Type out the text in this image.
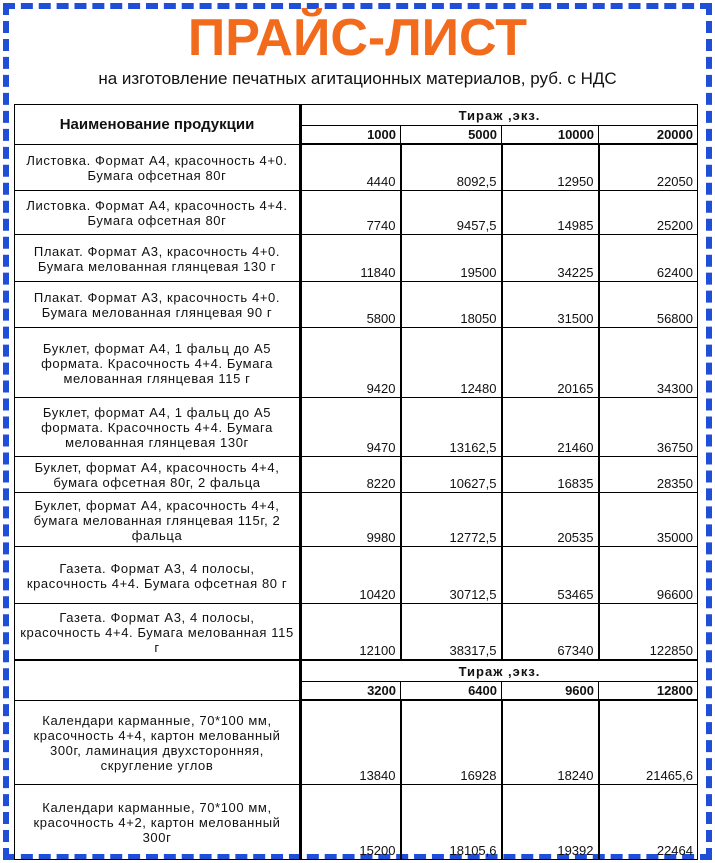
ПРАЙС-ЛИСТ
на изготовление печатных агитационных материалов, руб. с НДС
Наименование продукции	Тираж ,экз.			
	1000	5000	10000	20000
Листовка. Формат А4, красочность 4+0. Бумага офсетная 80г	4440	8092,5	12950	22050
Листовка. Формат А4, красочность 4+4. Бумага офсетная 80г	7740	9457,5	14985	25200
Плакат. Формат А3, красочность 4+0. Бумага мелованная глянцевая 130 г	11840	19500	34225	62400
Плакат. Формат А3, красочность 4+0. Бумага мелованная глянцевая 90 г	5800	18050	31500	56800
Буклет, формат А4, 1 фальц до А5 формата. Красочность 4+4. Бумага мелованная глянцевая 115 г	9420	12480	20165	34300
Буклет, формат А4, 1 фальц до А5 формата. Красочность 4+4. Бумага мелованная глянцевая 130г	9470	13162,5	21460	36750
Буклет, формат А4, красочность 4+4, бумага офсетная 80г, 2 фальца	8220	10627,5	16835	28350
Буклет, формат А4, красочность 4+4, бумага мелованная глянцевая 115г, 2 фальца	9980	12772,5	20535	35000
Газета. Формат А3, 4 полосы, красочность 4+4. Бумага офсетная 80 г	10420	30712,5	53465	96600
Газета. Формат А3, 4 полосы, красочность 4+4. Бумага мелованная 115 г	12100	38317,5	67340	122850
	Тираж ,экз.			
	3200	6400	9600	12800
Календари карманные, 70*100 мм, красочность 4+4, картон мелованный 300г, ламинация двухсторонняя, скругление углов	13840	16928	18240	21465,6
Календари карманные, 70*100 мм, красочность 4+2, картон мелованный 300г	15200	18105,6	19392	22464
